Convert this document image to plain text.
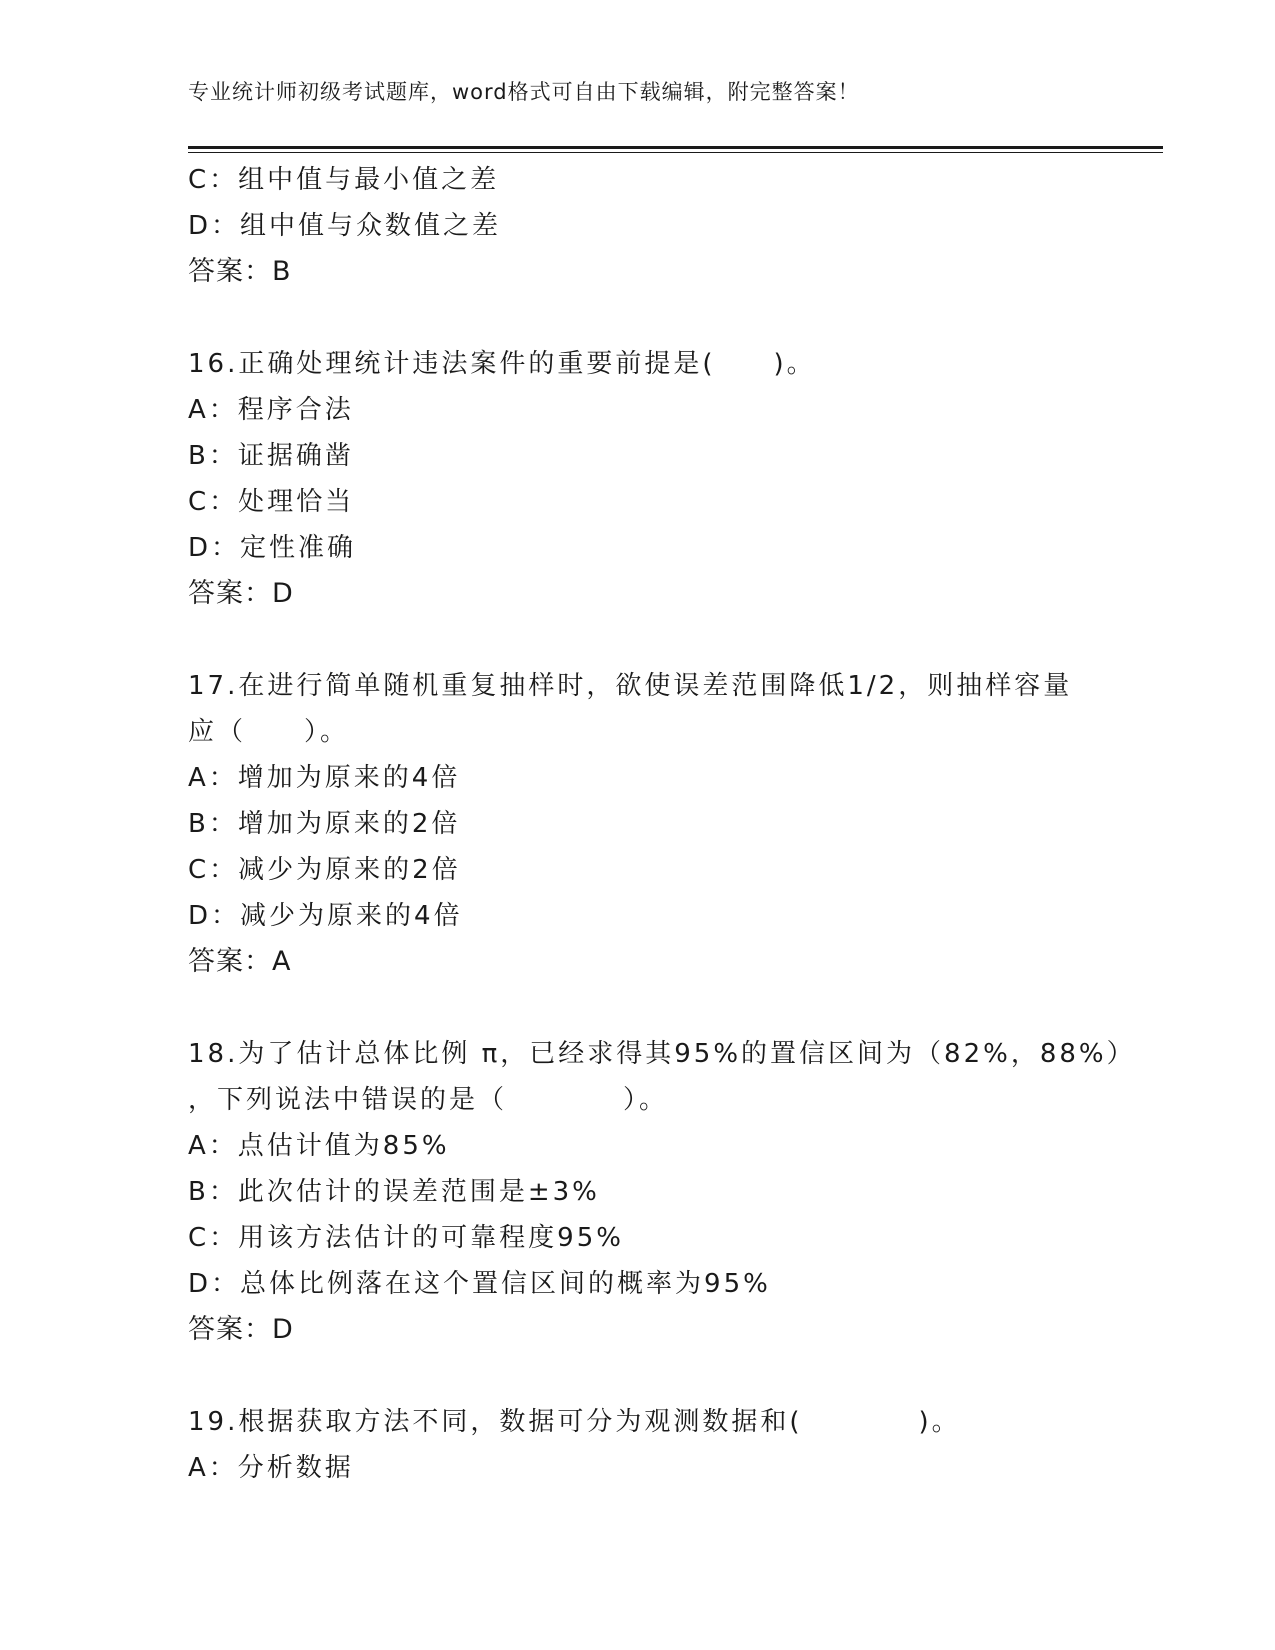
专业统计师初级考试题库，word格式可自由下载编辑，附完整答案！
C：组中值与最小值之差
D：组中值与众数值之差
答案：B
16.正确处理统计违法案件的重要前提是(　　)。
A：程序合法
B：证据确凿
C：处理恰当
D：定性准确
答案：D
17.在进行简单随机重复抽样时，欲使误差范围降低1/2，则抽样容量
应（　　）。
A：增加为原来的4倍
B：增加为原来的2倍
C：减少为原来的2倍
D：减少为原来的4倍
答案：A
18.为了估计总体比例 π，已经求得其95%的置信区间为（82%，88%）
，下列说法中错误的是（　　　　）。
A：点估计值为85%
B：此次估计的误差范围是±3%
C：用该方法估计的可靠程度95%
D：总体比例落在这个置信区间的概率为95%
答案：D
19.根据获取方法不同，数据可分为观测数据和(　　　　)。
A：分析数据
